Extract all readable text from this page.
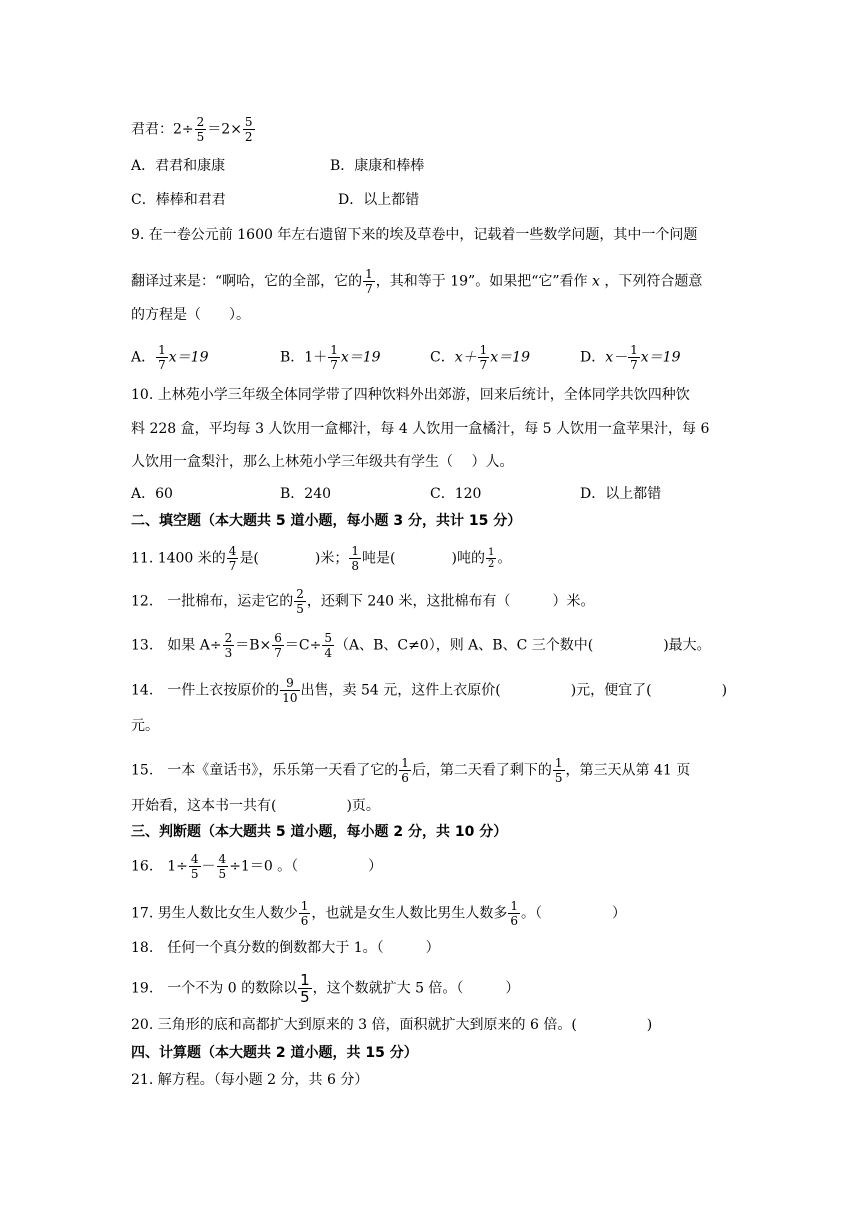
君君：$2\div \frac{2}{5} =2\times \frac{5}{2}$
A．君君和康康	B．康康和棒棒
C．棒棒和君君	D．以上都错
9. 在一卷公元前 1600 年左右遗留下来的埃及草卷中，记载着一些数学问题，其中一个问题
翻译过来是：“啊哈，它的全部，它的 $\frac{1}{7}$ ，其和等于 19”。如果把“它”看作 x ，下列符合题意
的方程是（　　）。
A． $\frac{1}{7} x=19$	B．$1+ \frac{1}{7} x=19$	C．$x+ \frac{1}{7} x=19$	D．$x- \frac{1}{7} x=19$
10. 上林苑小学三年级全体同学带了四种饮料外出郊游，回来后统计，全体同学共饮四种饮
料 228 盒，平均每 3 人饮用一盒椰汁，每 4 人饮用一盒橘汁，每 5 人饮用一盒苹果汁，每 6
人饮用一盒梨汁，那么上林苑小学三年级共有学生（　 ）人。
A．60	B．240	C．120	D．以上都错
二、填空题（本大题共 5 道小题，每小题 3 分，共计 15 分）
11. 1400 米的 $\frac{4}{7}$ 是(　　　　)米； $\frac{1}{8}$ 吨是(　　　　)吨的 $\frac{1}{2}$ 。
12.　一批棉布，运走它的 $\frac{2}{5}$ ，还剩下 240 米，这批棉布有（　　　）米。
13.　如果 $A\div \frac{2}{3} =B\times \frac{6}{7} =C\div \frac{5}{4} (A$、B、C≠0），则 A、B、C 三个数中(　　　　　)最大。
14.　一件上衣按原价的 $\frac{9}{10}$ 出售，卖 54 元，这件上衣原价(　　　　　)元，便宜了(　　　　　)
元。
15.　一本《童话书》，乐乐第一天看了它的 $\frac{1}{6}$ 后，第二天看了剩下的 $\frac{1}{5}$ ，第三天从第 41 页
开始看，这本书一共有(　　　　　)页。
三、判断题（本大题共 5 道小题，每小题 2 分，共 10 分）
16.　$1\div \frac{4}{5} - \frac{4}{5} \div 1=0$ 。（　　　　　）
17. 男生人数比女生人数少 $\frac{1}{6}$ ，也就是女生人数比男生人数多 $\frac{1}{6}$ 。（　　　　　）
18.　任何一个真分数的倒数都大于 1。（　　　）
19.　一个不为 0 的数除以 $\frac{1}{5}$ ，这个数就扩大 5 倍。（　　　）
20. 三角形的底和高都扩大到原来的 3 倍，面积就扩大到原来的 6 倍。(　　　　　)
四、计算题（本大题共 2 道小题，共 15 分）
21. 解方程。（每小题 2 分，共 6 分）
